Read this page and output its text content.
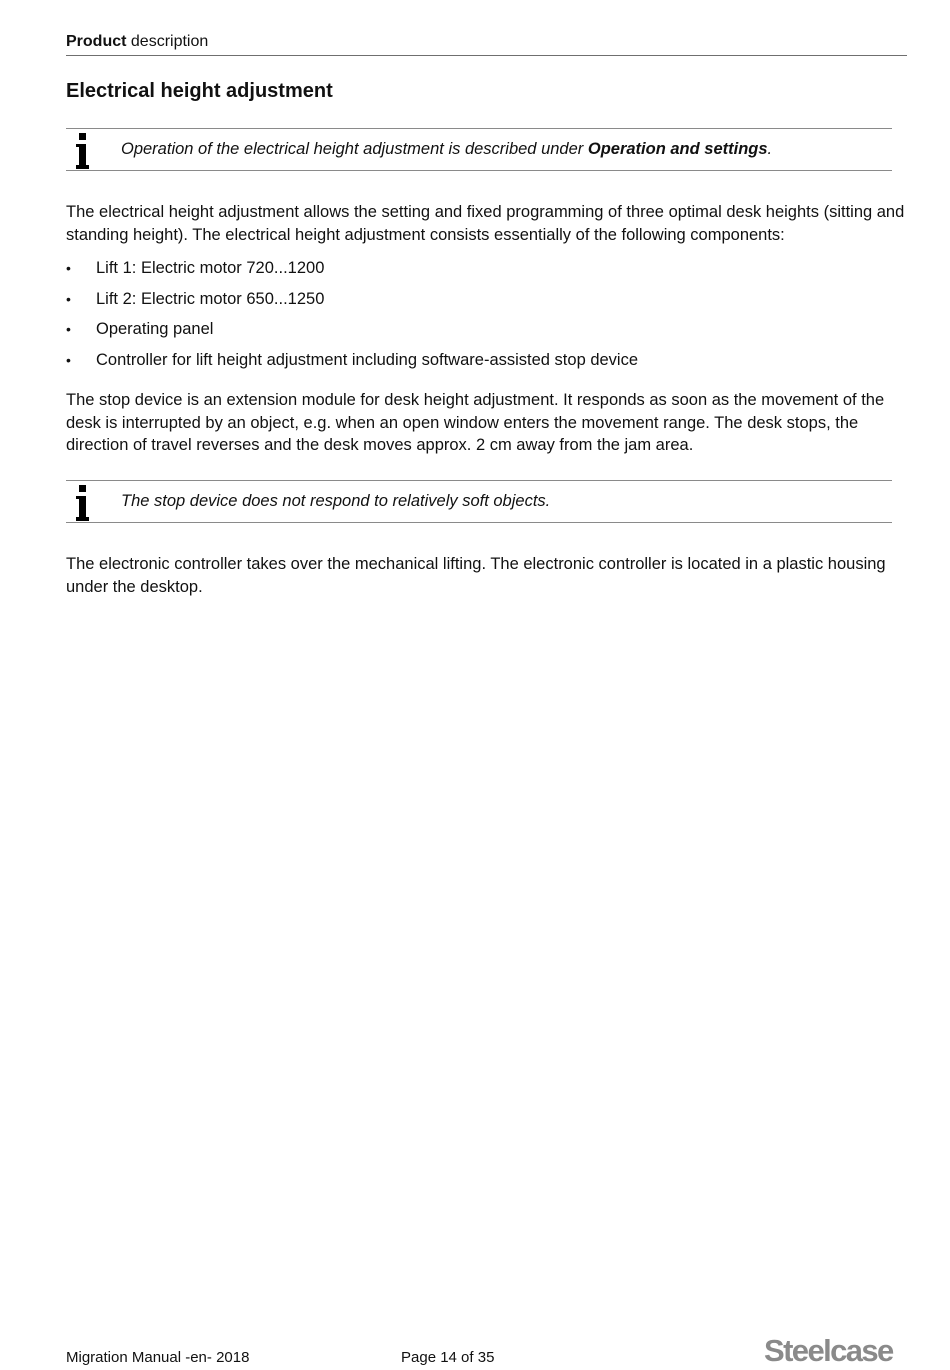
Product description
Electrical height adjustment
Operation of the electrical height adjustment is described under Operation and settings.

The electrical height adjustment allows the setting and fixed programming of three optimal desk heights (sitting and standing height). The electrical height adjustment consists essentially of the following components:

• Lift 1: Electric motor 720...1200
• Lift 2: Electric motor 650...1250
• Operating panel
• Controller for lift height adjustment including software-assisted stop device

The stop device is an extension module for desk height adjustment. It responds as soon as the movement of the desk is interrupted by an object, e.g. when an open window enters the movement range. The desk stops, the direction of travel reverses and the desk moves approx. 2 cm away from the jam area.

The stop device does not respond to relatively soft objects.

The electronic controller takes over the mechanical lifting. The electronic controller is located in a plastic housing under the desktop.

Migration Manual -en- 2018	Page 14 of 35	Steelcase
